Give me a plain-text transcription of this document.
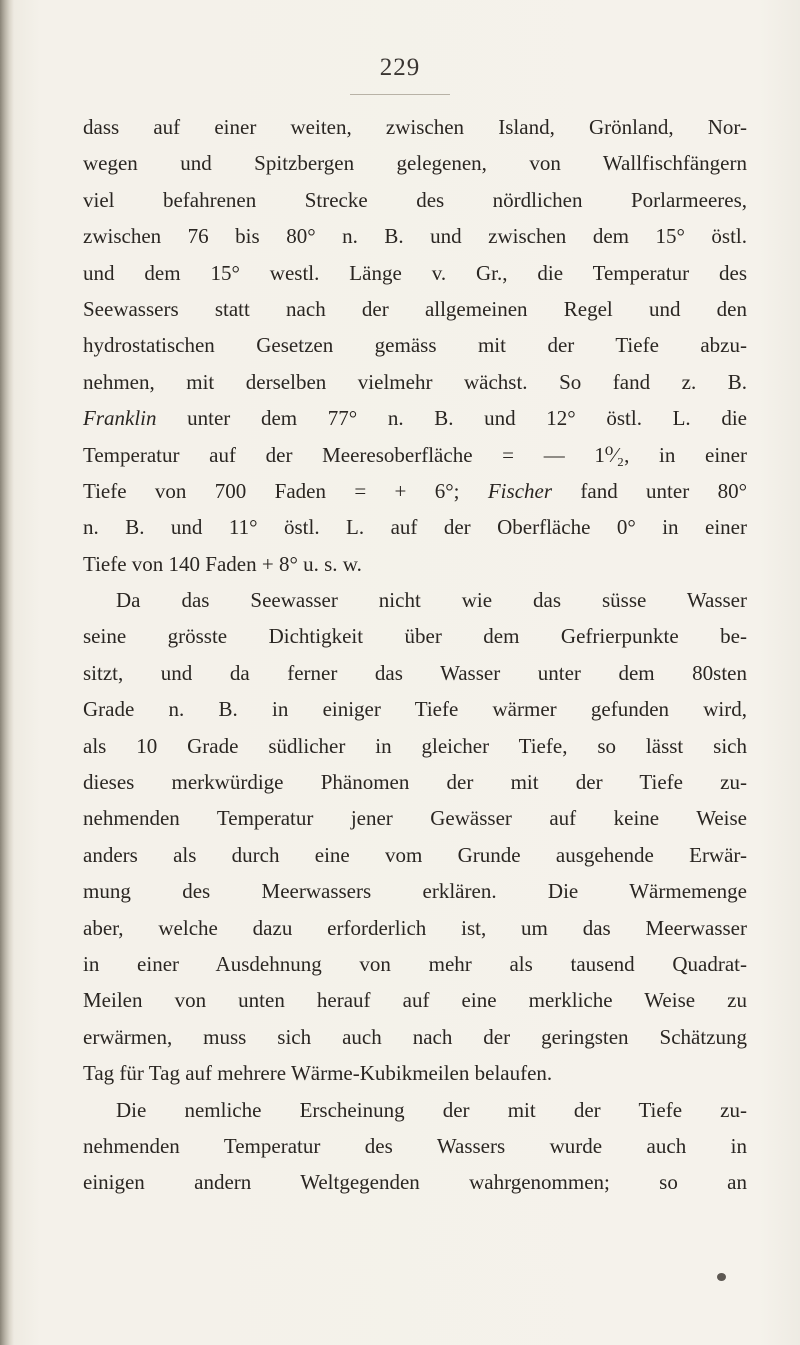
229
dass auf einer weiten, zwischen Island, Grönland, Nor-
wegen und Spitzbergen gelegenen, von Wallfischfängern
viel befahrenen Strecke des nördlichen Porlarmeeres,
zwischen 76 bis 80° n. B. und zwischen dem 15° östl.
und dem 15° westl. Länge v. Gr., die Temperatur des
Seewassers statt nach der allgemeinen Regel und den
hydrostatischen Gesetzen gemäss mit der Tiefe abzu-
nehmen, mit derselben vielmehr wächst. So fand z. B.
Franklin unter dem 77° n. B. und 12° östl. L. die
Temperatur auf der Meeresoberfläche = — 1⁰⁄₂, in einer
Tiefe von 700 Faden = + 6°; Fischer fand unter 80°
n. B. und 11° östl. L. auf der Oberfläche 0° in einer
Tiefe von 140 Faden + 8° u. s. w.
Da das Seewasser nicht wie das süsse Wasser
seine grösste Dichtigkeit über dem Gefrierpunkte be-
sitzt, und da ferner das Wasser unter dem 80sten
Grade n. B. in einiger Tiefe wärmer gefunden wird,
als 10 Grade südlicher in gleicher Tiefe, so lässt sich
dieses merkwürdige Phänomen der mit der Tiefe zu-
nehmenden Temperatur jener Gewässer auf keine Weise
anders als durch eine vom Grunde ausgehende Erwär-
mung des Meerwassers erklären. Die Wärmemenge
aber, welche dazu erforderlich ist, um das Meerwasser
in einer Ausdehnung von mehr als tausend Quadrat-
Meilen von unten herauf auf eine merkliche Weise zu
erwärmen, muss sich auch nach der geringsten Schätzung
Tag für Tag auf mehrere Wärme-Kubikmeilen belaufen.
Die nemliche Erscheinung der mit der Tiefe zu-
nehmenden Temperatur des Wassers wurde auch in
einigen andern Weltgegenden wahrgenommen; so an
